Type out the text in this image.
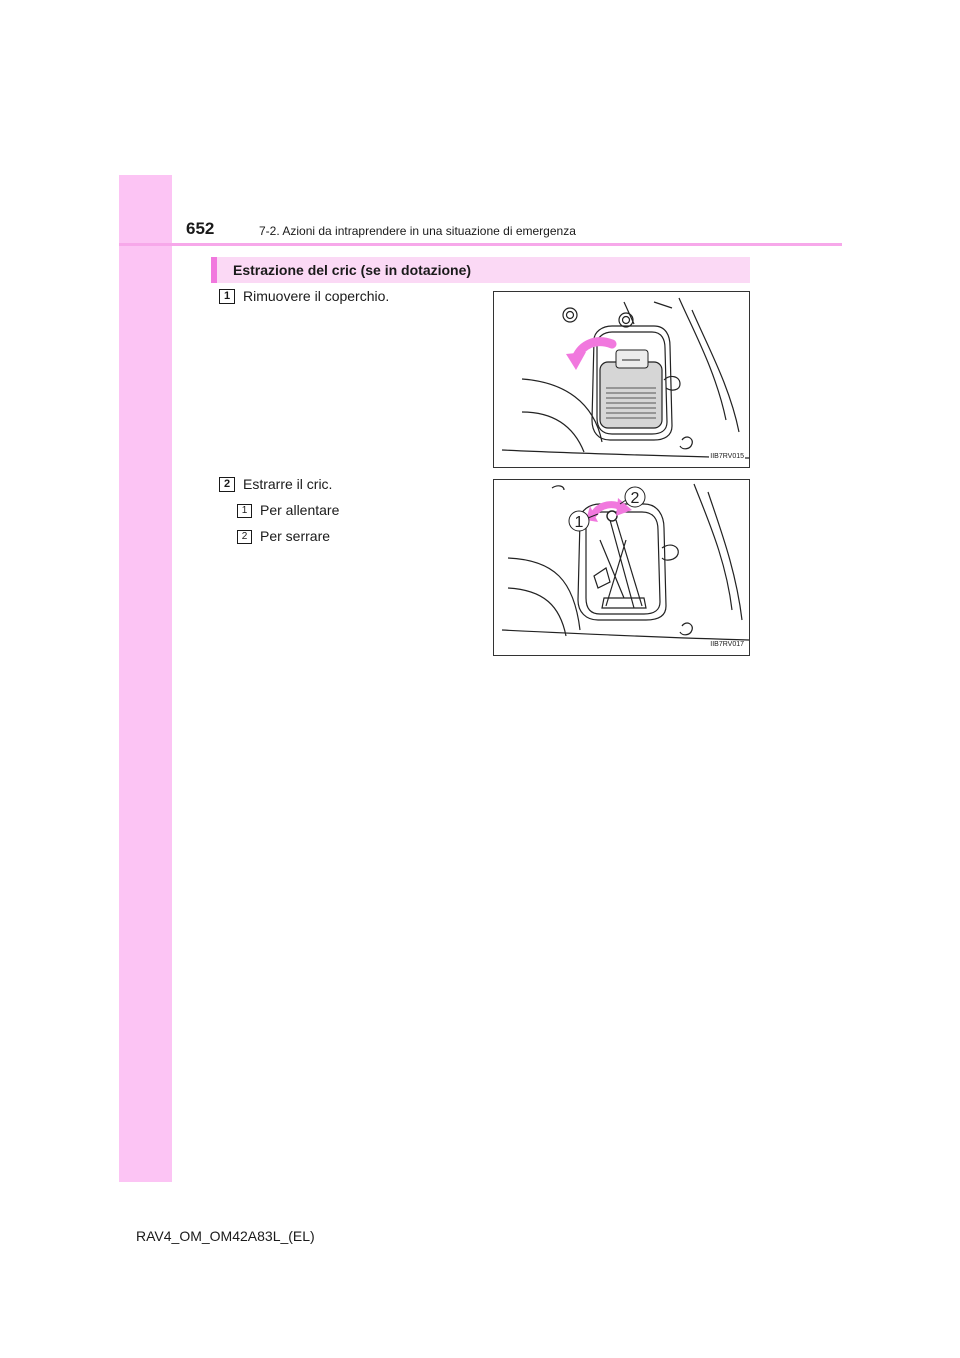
652	7-2. Azioni da intraprendere in una situazione di emergenza
Estrazione del cric (se in dotazione)
1 Rimuovere il coperchio.
IIB7RV015
2 Estrarre il cric.
1 Per allentare
2 Per serrare
1
2
IIB7RV017
RAV4_OM_OM42A83L_(EL)
